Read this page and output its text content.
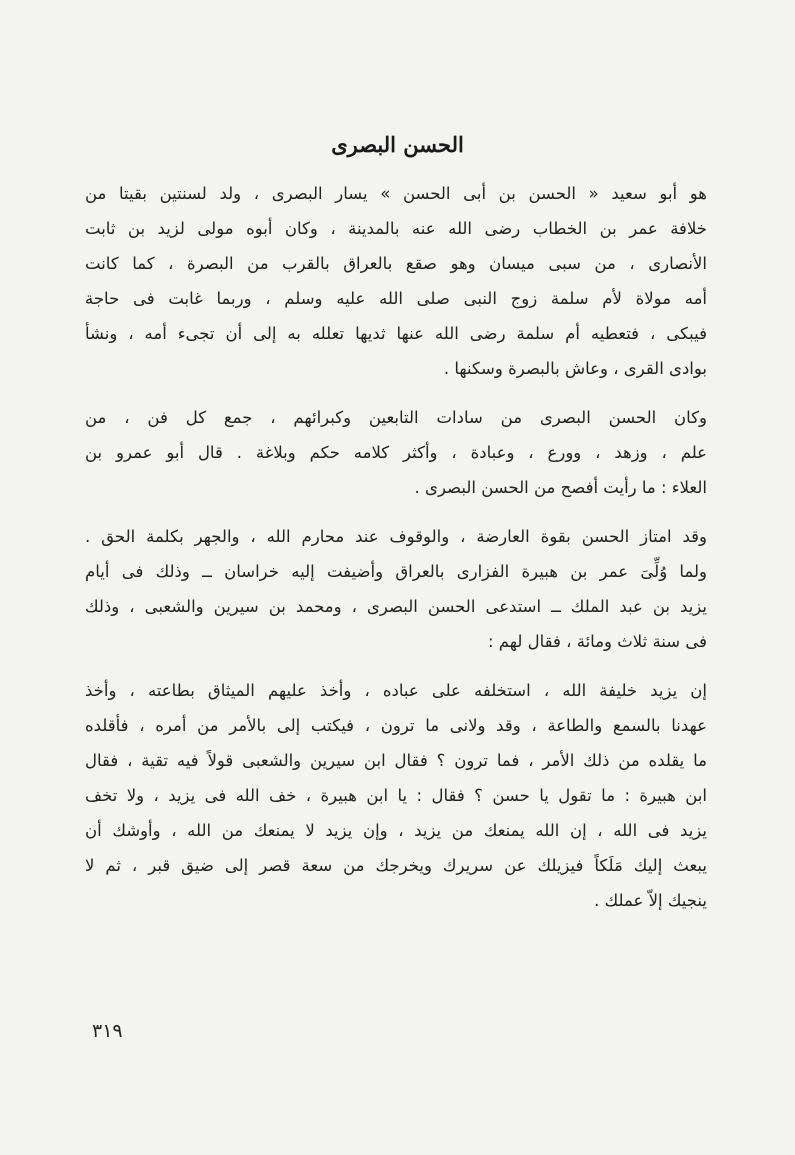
الحسن البصرى
هو أبو سعيد « الحسن بن أبى الحسن » يسار البصرى ، ولد لسنتين بقيتا من
خلافة عمر بن الخطاب رضى الله عنه بالمدينة ، وكان أبوه مولى لزيد بن ثابت
الأنصارى ، من سبى ميسان وهو صقع بالعراق بالقرب من البصرة ، كما كانت
أمه مولاة لأم سلمة زوج النبى صلى الله عليه وسلم ، وربما غابت فى حاجة
فيبكى ، فتعطيه أم سلمة رضى الله عنها ثديها تعلله به إلى أن تجىء أمه ، ونشأ
بوادى القرى ، وعاش بالبصرة وسكنها .
وكان الحسن البصرى من سادات التابعين وكبرائهم ، جمع كل فن ، من
علم ، وزهد ، وورع ، وعبادة ، وأكثر كلامه حكم وبلاغة . قال أبو عمرو بن
العلاء : ما رأيت أفصح من الحسن البصرى .
وقد امتاز الحسن بقوة العارضة ، والوقوف عند محارم الله ، والجهر بكلمة الحق .
ولما وُلِّىَ عمر بن هبيرة الفزارى بالعراق وأضيفت إليه خراسان ــ وذلك فى أيام
يزيد بن عبد الملك ــ استدعى الحسن البصرى ، ومحمد بن سيرين والشعبى ، وذلك
فى سنة ثلاث ومائة ، فقال لهم :
إن يزيد خليفة الله ، استخلفه على عباده ، وأخذ عليهم الميثاق بطاعته ، وأخذ
عهدنا بالسمع والطاعة ، وقد ولانى ما ترون ، فيكتب إلى بالأمر من أمره ، فأقلده
ما يقلده من ذلك الأمر ، فما ترون ؟ فقال ابن سيرين والشعبى قولاً فيه تقية ، فقال
ابن هبيرة : ما تقول يا حسن ؟ فقال : يا ابن هبيرة ، خف الله فى يزيد ، ولا تخف
يزيد فى الله ، إن الله يمنعك من يزيد ، وإن يزيد لا يمنعك من الله ، وأوشك أن
يبعث إليك مَلَكاً فيزيلك عن سريرك ويخرجك من سعة قصر إلى ضيق قبر ، ثم لا
ينجيك إلاّ عملك .
٣١٩
